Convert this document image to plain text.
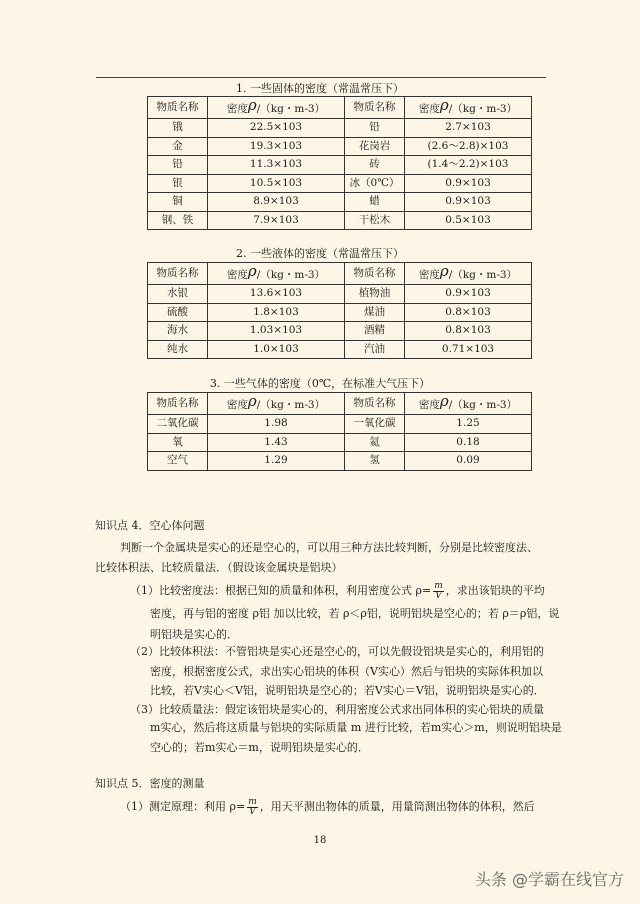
1. 一些固体的密度（常温常压下）
物质名称	密度ρ/（kg・m-3）	物质名称	密度ρ/（kg・m-3）
锇	22.5×103	铅	2.7×103
金	19.3×103	花岗岩	(2.6～2.8)×103
铅	11.3×103	砖	(1.4～2.2)×103
银	10.5×103	冰（0℃）	0.9×103
铜	8.9×103	蜡	0.9×103
钢、铁	7.9×103	干松木	0.5×103
2. 一些液体的密度（常温常压下）
物质名称	密度ρ/（kg・m-3）	物质名称	密度ρ/（kg・m-3）
水银	13.6×103	植物油	0.9×103
硫酸	1.8×103	煤油	0.8×103
海水	1.03×103	酒精	0.8×103
纯水	1.0×103	汽油	0.71×103
3. 一些气体的密度（0℃，在标准大气压下）
物质名称	密度ρ/（kg・m-3）	物质名称	密度ρ/（kg・m-3）
二氧化碳	1.98	一氧化碳	1.25
氧	1.43	氦	0.18
空气	1.29	氢	0.09
知识点 4．空心体问题
判断一个金属块是实心的还是空心的，可以用三种方法比较判断，分别是比较密度法、
比较体积法、比较质量法．（假设该金属块是铝块）
（1）比较密度法：根据已知的质量和体积，利用密度公式 $\rho= \frac{m}{V}$ ，求出该铝块的平均
密度，再与铝的密度 ρ铝 加以比较，若 ρ＜ρ铝，说明铝块是空心的；若 ρ＝ρ铝，说
明铝块是实心的．
（2）比较体积法：不管铝块是实心还是空心的，可以先假设铝块是实心的，利用铝的
密度，根据密度公式，求出实心铝块的体积（V实心）然后与铝块的实际体积加以
比较，若V实心＜V铝，说明铝块是空心的；若V实心＝V铝，说明铝块是实心的．
（3）比较质量法：假定该铝块是实心的，利用密度公式求出同体积的实心铝块的质量
m实心，然后将这质量与铝块的实际质量 m 进行比较，若m实心＞m，则说明铝块是
空心的；若m实心＝m，说明铝块是实心的．
知识点 5．密度的测量
（1）测定原理：利用 $\rho= \frac{m}{V}$ ，用天平测出物体的质量，用量筒测出物体的体积，然后
18
头条 @学霸在线官方
